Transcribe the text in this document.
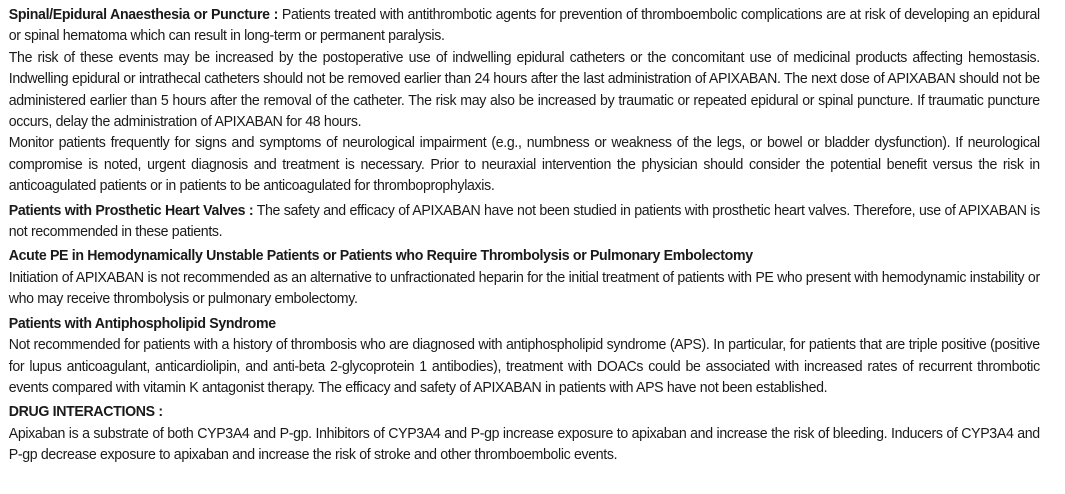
Spinal/Epidural Anaesthesia or Puncture : Patients treated with antithrombotic agents for prevention of thromboembolic complications are at risk of developing an epidural or spinal hematoma which can result in long-term or permanent paralysis.

The risk of these events may be increased by the postoperative use of indwelling epidural catheters or the concomitant use of medicinal products affecting hemostasis. Indwelling epidural or intrathecal catheters should not be removed earlier than 24 hours after the last administration of APIXABAN. The next dose of APIXABAN should not be administered earlier than 5 hours after the removal of the catheter. The risk may also be increased by traumatic or repeated epidural or spinal puncture. If traumatic puncture occurs, delay the administration of APIXABAN for 48 hours.

Monitor patients frequently for signs and symptoms of neurological impairment (e.g., numbness or weakness of the legs, or bowel or bladder dysfunction). If neurological compromise is noted, urgent diagnosis and treatment is necessary. Prior to neuraxial intervention the physician should consider the potential benefit versus the risk in anticoagulated patients or in patients to be anticoagulated for thromboprophylaxis.

Patients with Prosthetic Heart Valves : The safety and efficacy of APIXABAN have not been studied in patients with prosthetic heart valves. Therefore, use of APIXABAN is not recommended in these patients.

Acute PE in Hemodynamically Unstable Patients or Patients who Require Thrombolysis or Pulmonary Embolectomy

Initiation of APIXABAN is not recommended as an alternative to unfractionated heparin for the initial treatment of patients with PE who present with hemodynamic instability or who may receive thrombolysis or pulmonary embolectomy.

Patients with Antiphospholipid Syndrome

Not recommended for patients with a history of thrombosis who are diagnosed with antiphospholipid syndrome (APS). In particular, for patients that are triple positive (positive for lupus anticoagulant, anticardiolipin, and anti-beta 2-glycoprotein 1 antibodies), treatment with DOACs could be associated with increased rates of recurrent thrombotic events compared with vitamin K antagonist therapy. The efficacy and safety of APIXABAN in patients with APS have not been established.

DRUG INTERACTIONS :

Apixaban is a substrate of both CYP3A4 and P-gp. Inhibitors of CYP3A4 and P-gp increase exposure to apixaban and increase the risk of bleeding. Inducers of CYP3A4 and P-gp decrease exposure to apixaban and increase the risk of stroke and other thromboembolic events.
